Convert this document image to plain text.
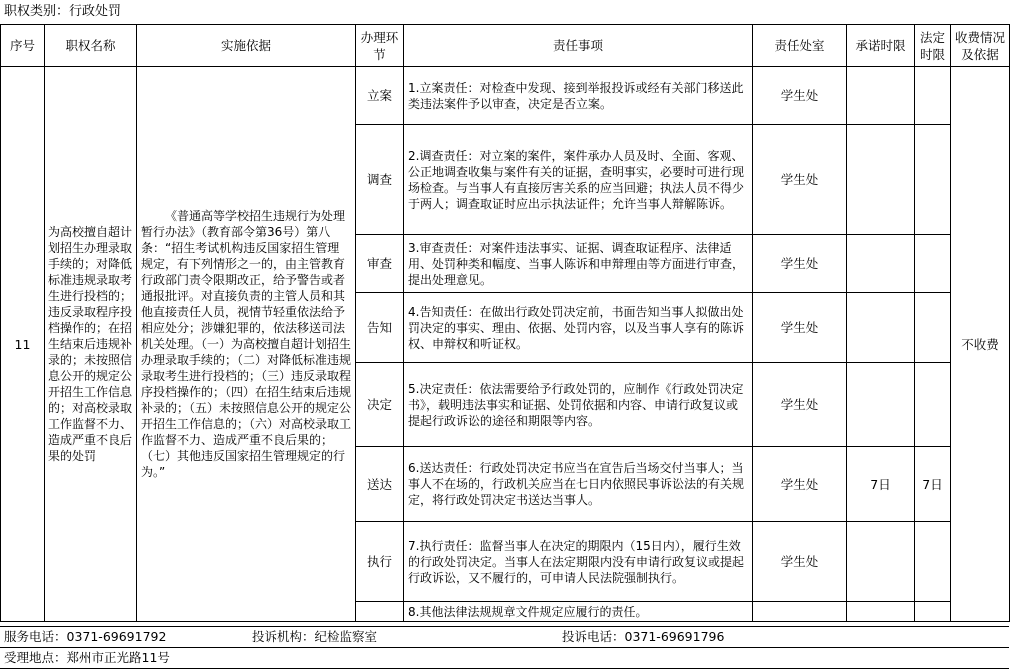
职权类别：行政处罚
序号	职权名称	实施依据	办理环节	责任事项	责任处室	承诺时限	法定时限	收费情况及依据
11	为高校擅自超计划招生办理录取手续的；对降低标准违规录取考生进行投档的；违反录取程序投档操作的；在招生结束后违规补录的；未按照信息公开的规定公开招生工作信息的；对高校录取工作监督不力、造成严重不良后果的处罚	《普通高等学校招生违规行为处理暂行办法》（教育部令第36号）第八条：“招生考试机构违反国家招生管理规定，有下列情形之一的，由主管教育行政部门责令限期改正，给予警告或者通报批评。对直接负责的主管人员和其他直接责任人员，视情节轻重依法给予相应处分；涉嫌犯罪的，依法移送司法机关处理。（一）为高校擅自超计划招生办理录取手续的；（二）对降低标准违规录取考生进行投档的；（三）违反录取程序投档操作的；（四）在招生结束后违规补录的；（五）未按照信息公开的规定公开招生工作信息的；（六）对高校录取工作监督不力、造成严重不良后果的；（七）其他违反国家招生管理规定的行为。”	立案	1.立案责任：对检查中发现、接到举报投诉或经有关部门移送此类违法案件予以审查，决定是否立案。	学生处			不收费
			调查	2.调查责任：对立案的案件，案件承办人员及时、全面、客观、公正地调查收集与案件有关的证据，查明事实，必要时可进行现场检查。与当事人有直接厉害关系的应当回避；执法人员不得少于两人；调查取证时应出示执法证件；允许当事人辩解陈诉。	学生处			
			审查	3.审查责任：对案件违法事实、证据、调查取证程序、法律适用、处罚种类和幅度、当事人陈诉和申辩理由等方面进行审查，提出处理意见。	学生处			
			告知	4.告知责任：在做出行政处罚决定前，书面告知当事人拟做出处罚决定的事实、理由、依据、处罚内容，以及当事人享有的陈诉权、申辩权和听证权。	学生处			
			决定	5.决定责任：依法需要给予行政处罚的，应制作《行政处罚决定书》，载明违法事实和证据、处罚依据和内容、申请行政复议或提起行政诉讼的途径和期限等内容。	学生处			
			送达	6.送达责任：行政处罚决定书应当在宣告后当场交付当事人；当事人不在场的，行政机关应当在七日内依照民事诉讼法的有关规定，将行政处罚决定书送达当事人。	学生处	7日	7日	
			执行	7.执行责任：监督当事人在决定的期限内（15日内），履行生效的行政处罚决定。当事人在法定期限内没有申请行政复议或提起行政诉讼，又不履行的，可申请人民法院强制执行。	学生处			
				8.其他法律法规规章文件规定应履行的责任。				
服务电话：0371-69691792	投诉机构：纪检监察室	投诉电话：0371-69691796
受理地点：郑州市正光路11号
